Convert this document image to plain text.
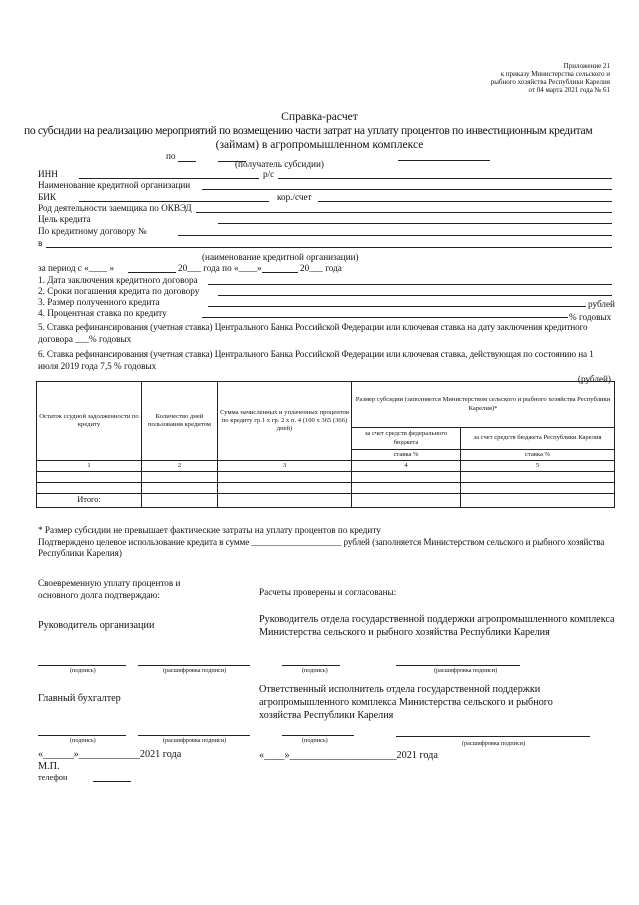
Приложение 21
к приказу Министерства сельского и
рыбного хозяйства Республики Карелия
от 04 марта 2021 года № 61
Справка-расчет
по субсидии на реализацию мероприятий по возмещению части затрат на уплату процентов по инвестиционным кредитам
(займам) в агропромышленном комплексе
по
(получатель субсидии)
ИНН	р/с
Наименование кредитной организации
БИК	кор./счет
Род деятельности заемщика по ОКВЭД
Цель кредита
По кредитному договору №
в
(наименование кредитной организации)
за период с «____ »	20___ года по «____»	20___ года
1. Дата заключения кредитного договора
2. Сроки погашения кредита по договору
3. Размер полученного кредита	рублей
4. Процентная ставка по кредиту	% годовых
5. Ставка рефинансирования (учетная ставка) Центрального Банка Российской Федерации или ключевая ставка на дату заключения кредитного
договора ___% годовых
6. Ставка рефинансирования (учетная ставка) Центрального Банка Российской Федерации или ключевая ставка, действующая по состоянию на 1
июля 2019 года 7,5 % годовых
(рублей)
Остаток ссудной задолженности по кредиту	Количество дней пользования кредитом	Сумма начисленных и уплаченных процентов по кредиту гр.1 х гр. 2 х п. 4 (100 х 365 (366) дней)	Размер субсидии (заполняется Министерством сельского и рыбного хозяйства Республики Карелия)*	
			за счет средств федерального бюджета	за счет средств бюджета Республики Карелия
			ставка %	ставка %
1	2	3	4	5

Итого:				
* Размер субсидии не превышает фактические затраты на уплату процентов по кредиту
Подтверждено целевое использование кредита в сумме ____________________ рублей (заполняется Министерством сельского и рыбного хозяйства
Республики Карелия)
Своевременную уплату процентов и
основного долга подтверждаю:	Расчеты проверены и согласованы:
Руководитель организации
Руководитель отдела государственной поддержки агропромышленного комплекса
Министерства сельского и рыбного хозяйства Республики Карелия
(подпись)	(расшифровка подписи)	(подпись)	(расшифровка подписи)
Главный бухгалтер
Ответственный исполнитель отдела государственной поддержки
агропромышленного комплекса Министерства сельского и рыбного
хозяйства Республики Карелия
(подпись)	(расшифровка подписи)	(подпись)	(расшифровка подписи)
«______»____________2021 года	«____»_____________________2021 года
М.П.
телефон
